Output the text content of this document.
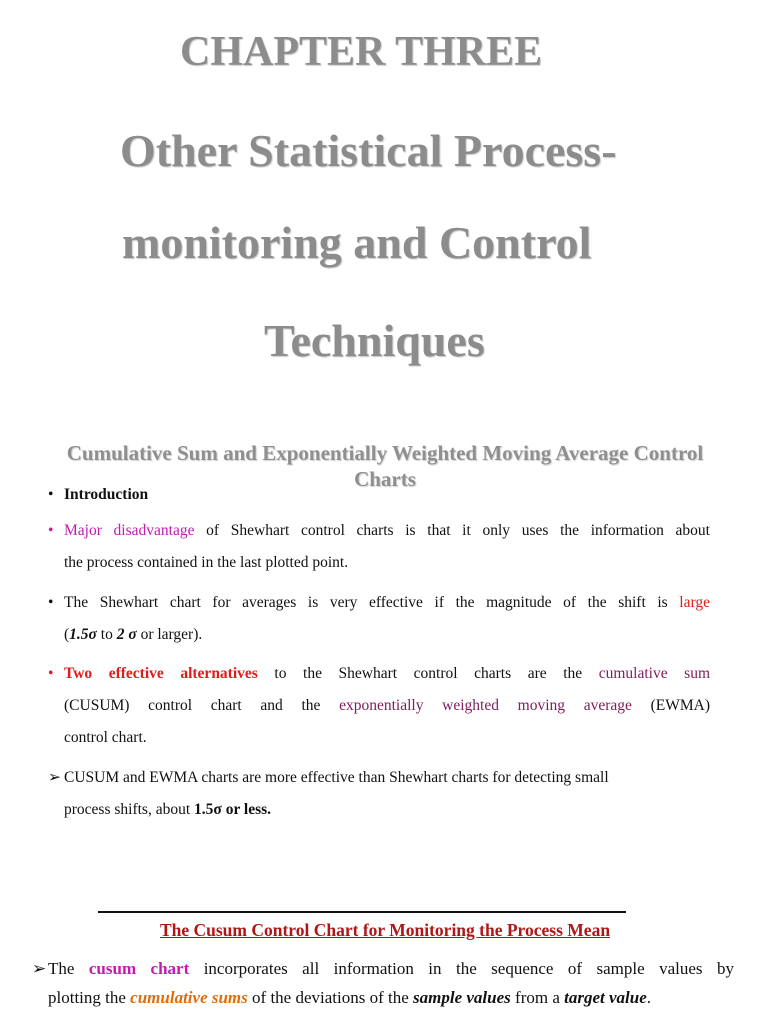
CHAPTER THREE
Other Statistical Process-
monitoring and Control
Techniques
Cumulative Sum and Exponentially Weighted Moving Average Control Charts
• Introduction
• Major disadvantage of Shewhart control charts is that it only uses the information about
the process contained in the last plotted point.
• The Shewhart chart for averages is very effective if the magnitude of the shift is large
(1.5σ to 2 σ or larger).
• Two effective alternatives to the Shewhart control charts are the cumulative sum
(CUSUM) control chart and the exponentially weighted moving average (EWMA)
control chart.
➢ CUSUM and EWMA charts are more effective than Shewhart charts for detecting small
process shifts, about 1.5σ or less.
The Cusum Control Chart for Monitoring the Process Mean
➢ The cusum chart incorporates all information in the sequence of sample values by
plotting the cumulative sums of the deviations of the sample values from a target value.
